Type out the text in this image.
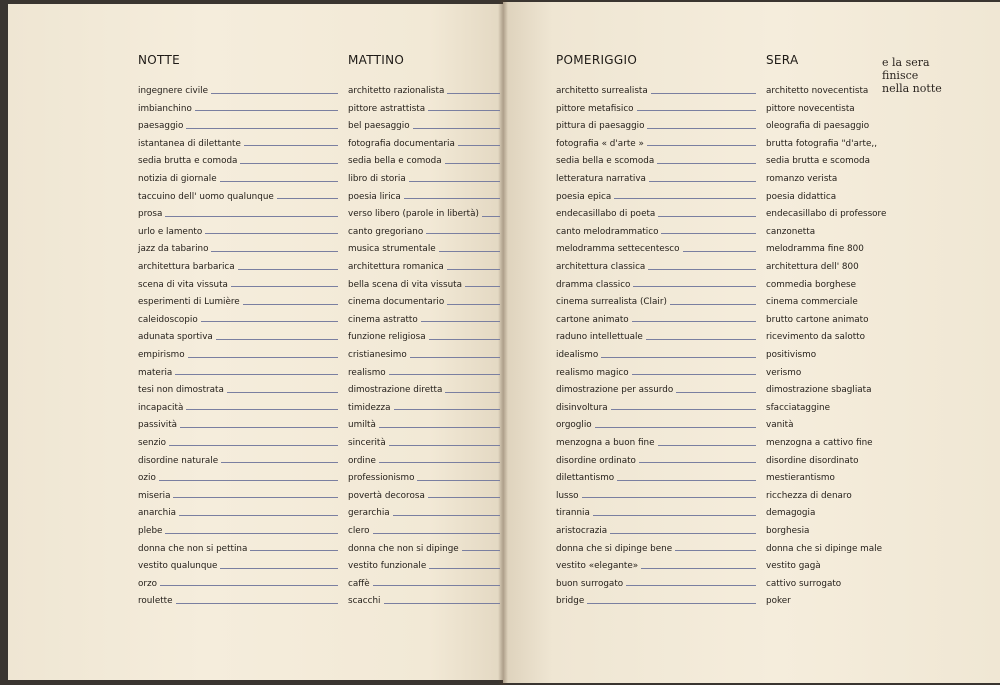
NOTTE
ingegnere civile
imbianchino
paesaggio
istantanea di dilettante
sedia brutta e comoda
notizia di giornale
taccuino dell' uomo qualunque
prosa
urlo e lamento
jazz da tabarino
architettura barbarica
scena di vita vissuta
esperimenti di Lumière
caleidoscopio
adunata sportiva
empirismo
materia
tesi non dimostrata
incapacità
passività
senzio
disordine naturale
ozio
miseria
anarchia
plebe
donna che non si pettina
vestito qualunque
orzo
roulette
MATTINO
architetto razionalista
pittore astrattista
bel paesaggio
fotografia documentaria
sedia bella e comoda
libro di storia
poesia lirica
verso libero (parole in libertà)
canto gregoriano
musica strumentale
architettura romanica
bella scena di vita vissuta
cinema documentario
cinema astratto
funzione religiosa
cristianesimo
realismo
dimostrazione diretta
timidezza
umiltà
sincerità
ordine
professionismo
povertà decorosa
gerarchia
clero
donna che non si dipinge
vestito funzionale
caffè
scacchi
POMERIGGIO
architetto surrealista
pittore metafisico
pittura di paesaggio
fotografia « d'arte »
sedia bella e scomoda
letteratura narrativa
poesia epica
endecasillabo di poeta
canto melodrammatico
melodramma settecentesco
architettura classica
dramma classico
cinema surrealista (Clair)
cartone animato
raduno intellettuale
idealismo
realismo magico
dimostrazione per assurdo
disinvoltura
orgoglio
menzogna a buon fine
disordine ordinato
dilettantismo
lusso
tirannia
aristocrazia
donna che si dipinge bene
vestito «elegante»
buon surrogato
bridge
SERA
architetto novecentista
pittore novecentista
oleografia di paesaggio
brutta fotografia "d'arte,,
sedia brutta e scomoda
romanzo verista
poesia didattica
endecasillabo di professore
canzonetta
melodramma fine 800
architettura dell' 800
commedia borghese
cinema commerciale
brutto cartone animato
ricevimento da salotto
positivismo
verismo
dimostrazione sbagliata
sfacciataggine
vanità
menzogna a cattivo fine
disordine disordinato
mestierantismo
ricchezza di denaro
demagogia
borghesia
donna che si dipinge male
vestito gagà
cattivo surrogato
poker
e la sera
finisce
nella notte
